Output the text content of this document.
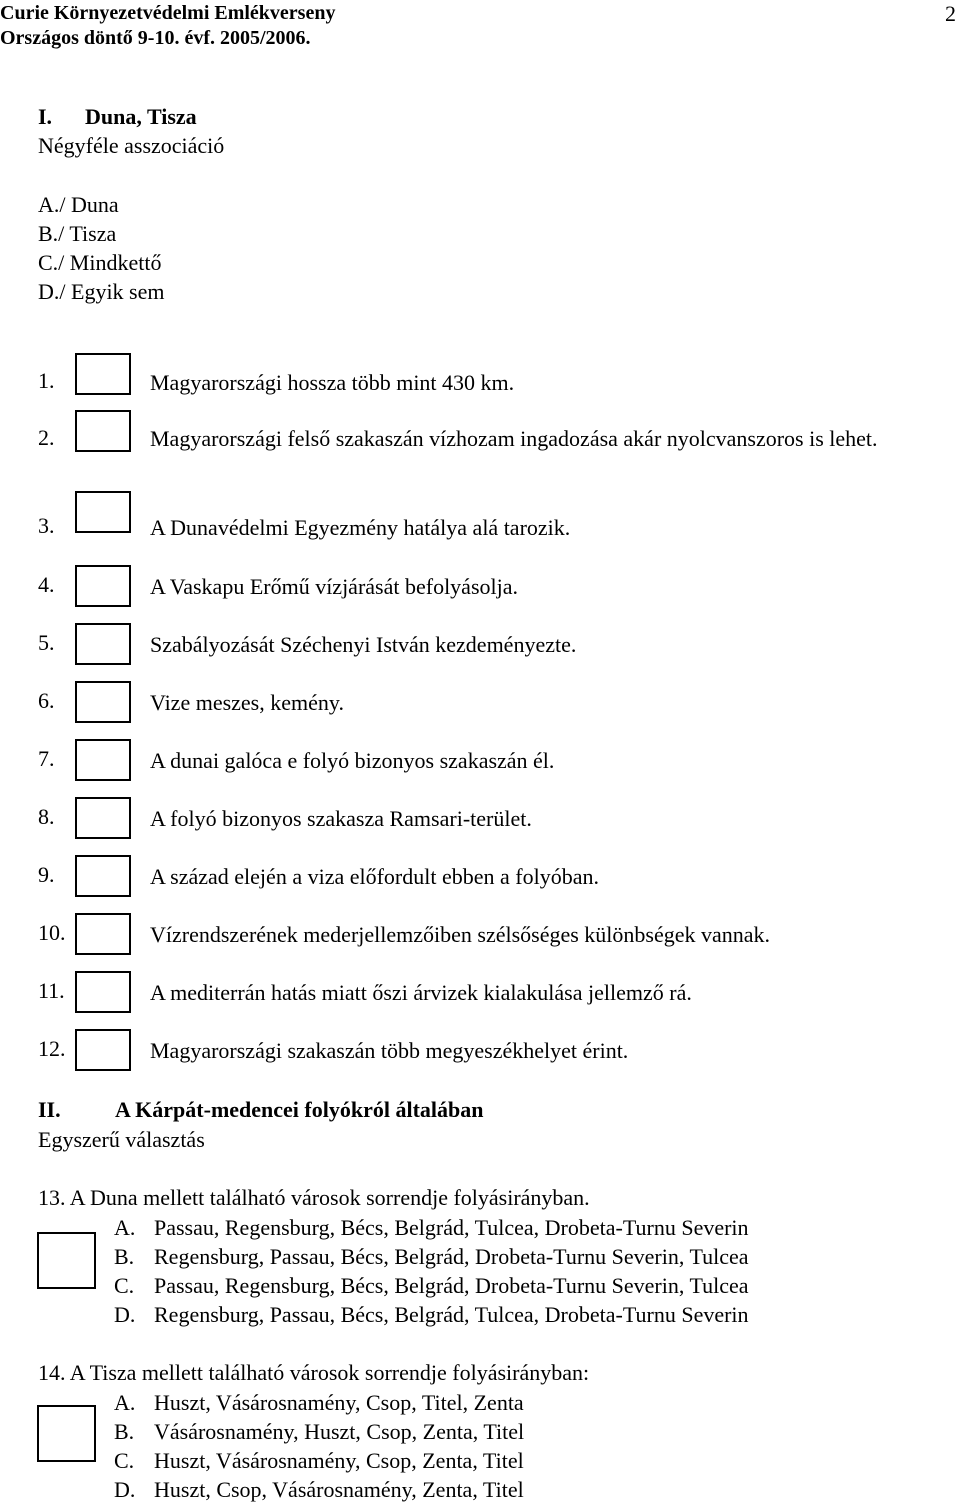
Curie Környezetvédelmi Emlékverseny
Országos döntő 9-10. évf. 2005/2006.
2
I. Duna, Tisza
Négyféle asszociáció
A./ Duna
B./ Tisza
C./ Mindkettő
D./ Egyik sem
1.	Magyarországi hossza több mint 430 km.
2.	Magyarországi felső szakaszán vízhozam ingadozása akár nyolcvanszoros is lehet.
3.	A Dunavédelmi Egyezmény hatálya alá tarozik.
4.	A Vaskapu Erőmű vízjárását befolyásolja.
5.	Szabályozását Széchenyi István kezdeményezte.
6.	Vize meszes, kemény.
7.	A dunai galóca e folyó bizonyos szakaszán él.
8.	A folyó bizonyos szakasza Ramsari-terület.
9.	A század elején a viza előfordult ebben a folyóban.
10.	Vízrendszerének mederjellemzőiben szélsőséges különbségek vannak.
11.	A mediterrán hatás miatt őszi árvizek kialakulása jellemző rá.
12.	Magyarországi szakaszán több megyeszékhelyet érint.
II. A Kárpát-medencei folyókról általában
Egyszerű választás
13. A Duna mellett található városok sorrendje folyásirányban.
A. Passau, Regensburg, Bécs, Belgrád, Tulcea, Drobeta-Turnu Severin
B. Regensburg, Passau, Bécs, Belgrád, Drobeta-Turnu Severin, Tulcea
C. Passau, Regensburg, Bécs, Belgrád, Drobeta-Turnu Severin, Tulcea
D. Regensburg, Passau, Bécs, Belgrád, Tulcea, Drobeta-Turnu Severin
14. A Tisza mellett található városok sorrendje folyásirányban:
A. Huszt, Vásárosnamény, Csop, Titel, Zenta
B. Vásárosnamény, Huszt, Csop, Zenta, Titel
C. Huszt, Vásárosnamény, Csop, Zenta, Titel
D. Huszt, Csop, Vásárosnamény, Zenta, Titel
